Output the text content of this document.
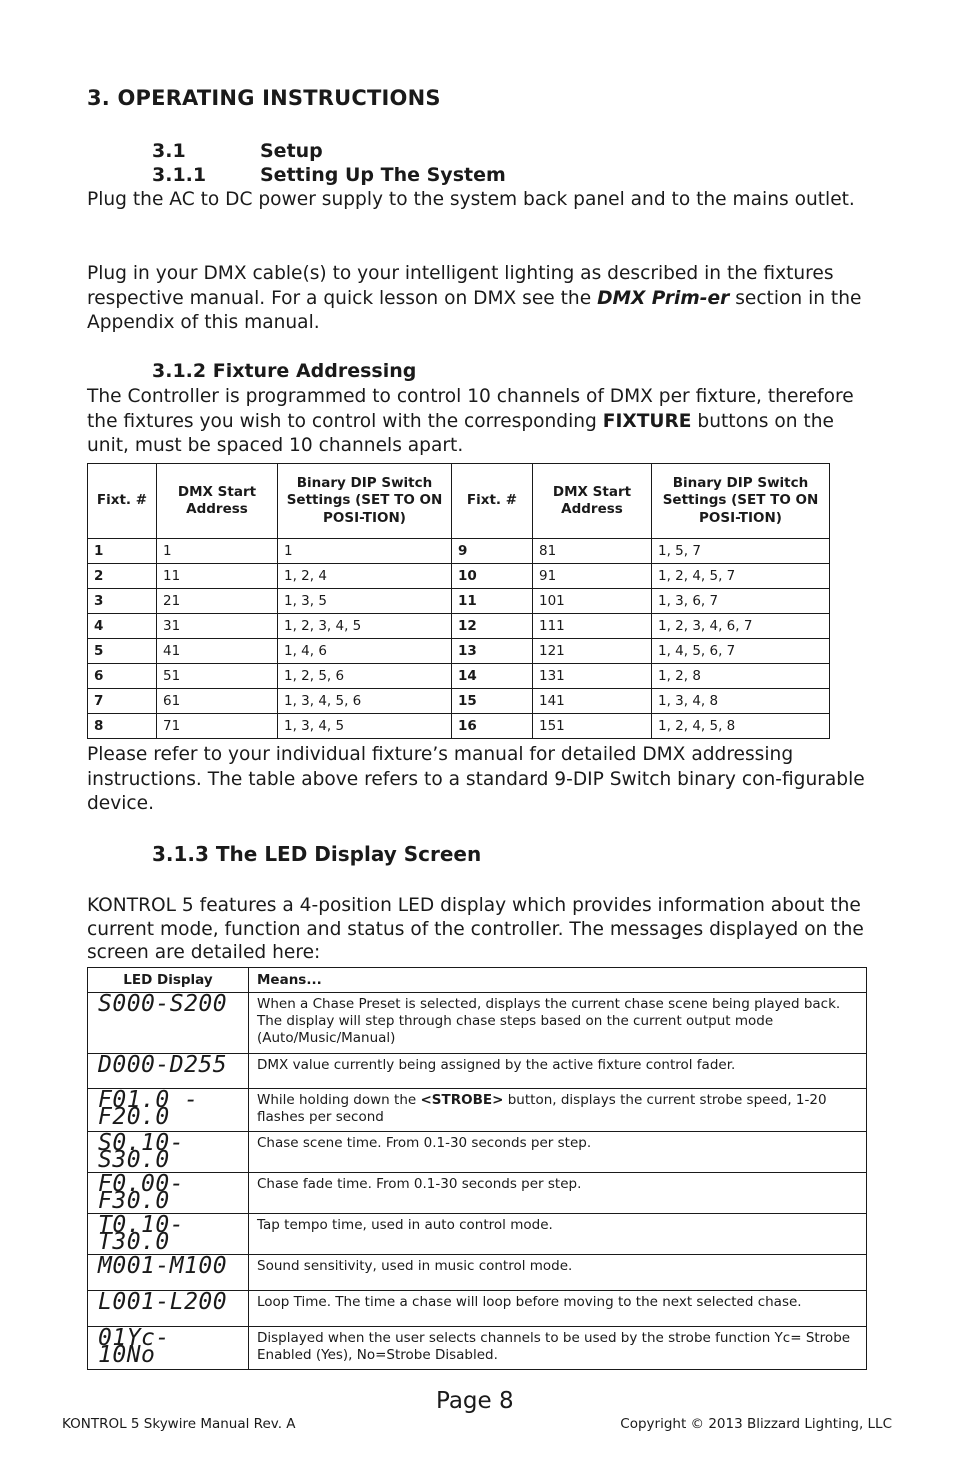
3. OPERATING INSTRUCTIONS
3.1	Setup
3.1.1	Setting Up The System
Plug the AC to DC power supply to the system back panel and to the mains outlet.
Plug in your DMX cable(s) to your intelligent lighting as described in the fixtures respective manual. For a quick lesson on DMX see the DMX Prim-er section in the Appendix of this manual.
3.1.2 Fixture Addressing
The Controller is programmed to control 10 channels of DMX per fixture, therefore the fixtures you wish to control with the corresponding FIXTURE buttons on the unit, must be spaced 10 channels apart.
Fixt. #	DMX Start Address	Binary DIP Switch Settings (SET TO ON POSI-TION)	Fixt. #	DMX Start Address	Binary DIP Switch Settings (SET TO ON POSI-TION)
1	1	1	9	81	1, 5, 7
2	11	1, 2, 4	10	91	1, 2, 4, 5, 7
3	21	1, 3, 5	11	101	1, 3, 6, 7
4	31	1, 2, 3, 4, 5	12	111	1, 2, 3, 4, 6, 7
5	41	1, 4, 6	13	121	1, 4, 5, 6, 7
6	51	1, 2, 5, 6	14	131	1, 2, 8
7	61	1, 3, 4, 5, 6	15	141	1, 3, 4, 8
8	71	1, 3, 4, 5	16	151	1, 2, 4, 5, 8
Please refer to your individual fixture’s manual for detailed DMX addressing instructions. The table above refers to a standard 9-DIP Switch binary con-figurable device.
3.1.3 The LED Display Screen
KONTROL 5 features a 4-position LED display which provides information about the current mode, function and status of the controller. The messages displayed on the screen are detailed here:
LED Display	Means...
S000-S200	When a Chase Preset is selected, displays the current chase scene being played back. The display will step through chase steps based on the current output mode (Auto/Music/Manual)
D000-D255	DMX value currently being assigned by the active fixture control fader.
F01.0 - F20.0	While holding down the <STROBE> button, displays the current strobe speed, 1-20 flashes per second
S0.10-S30.0	Chase scene time. From 0.1-30 seconds per step.
F0.00-F30.0	Chase fade time. From 0.1-30 seconds per step.
T0.10-T30.0	Tap tempo time, used in auto control mode.
M001-M100	Sound sensitivity, used in music control mode.
L001-L200	Loop Time. The time a chase will loop before moving to the next selected chase.
01Yc- 10No	Displayed when the user selects channels to be used by the strobe function Yc= Strobe Enabled (Yes), No=Strobe Disabled.
Page 8
KONTROL 5 Skywire Manual Rev. A	Copyright © 2013 Blizzard Lighting, LLC
